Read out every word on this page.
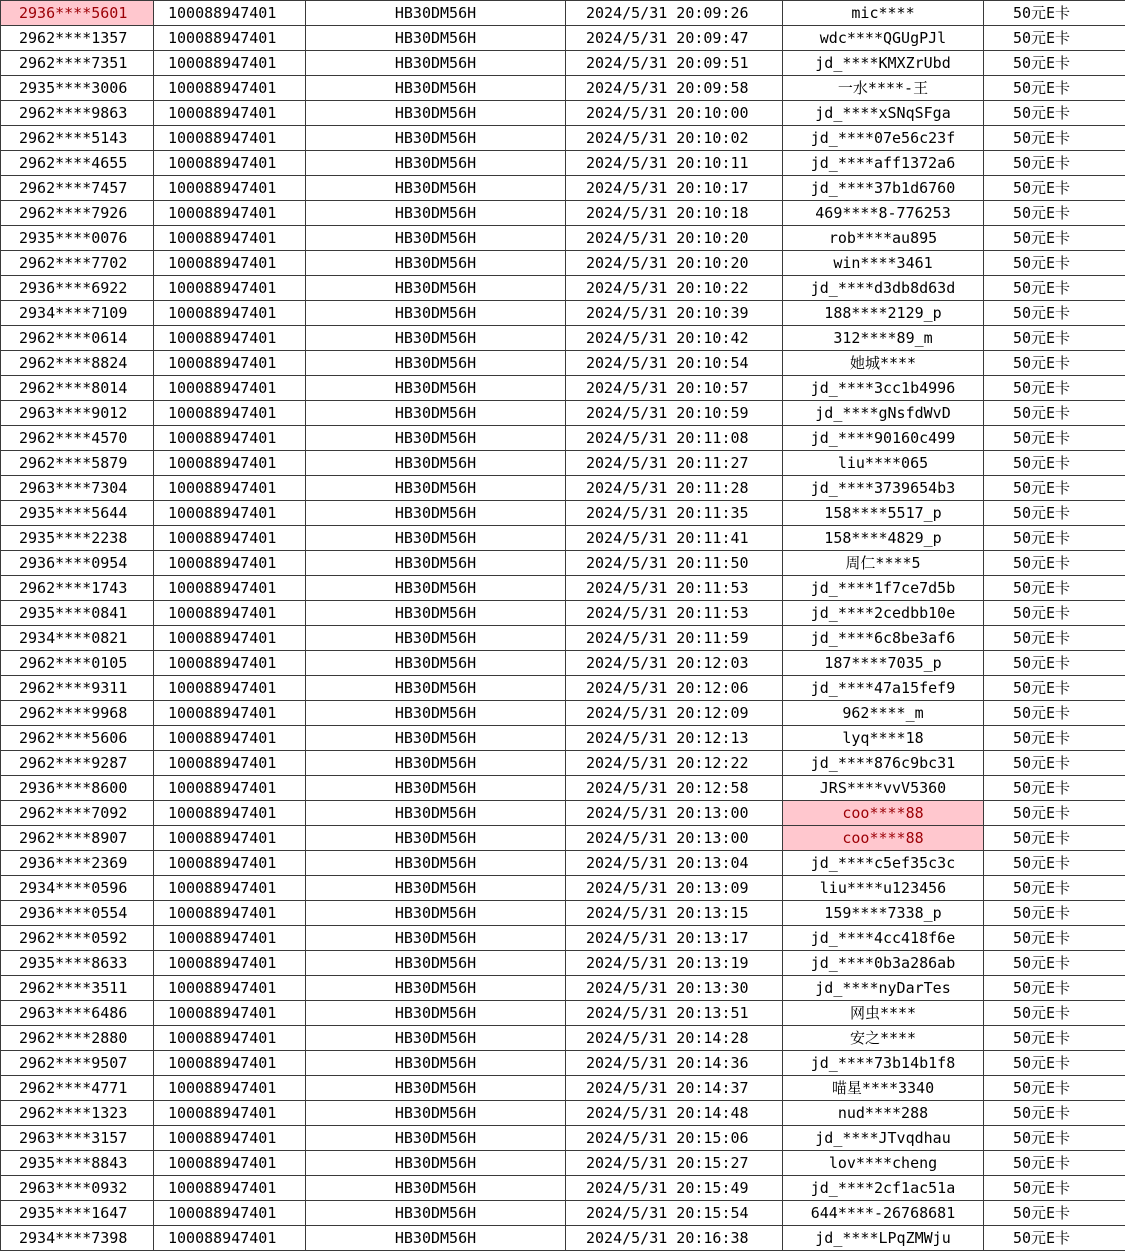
2936****5601	100088947401	HB30DM56H	2024/5/31 20:09:26	mic****	50元E卡
2962****1357	100088947401	HB30DM56H	2024/5/31 20:09:47	wdc****QGUgPJl	50元E卡
2962****7351	100088947401	HB30DM56H	2024/5/31 20:09:51	jd_****KMXZrUbd	50元E卡
2935****3006	100088947401	HB30DM56H	2024/5/31 20:09:58	一水****-王	50元E卡
2962****9863	100088947401	HB30DM56H	2024/5/31 20:10:00	jd_****xSNqSFga	50元E卡
2962****5143	100088947401	HB30DM56H	2024/5/31 20:10:02	jd_****07e56c23f	50元E卡
2962****4655	100088947401	HB30DM56H	2024/5/31 20:10:11	jd_****aff1372a6	50元E卡
2962****7457	100088947401	HB30DM56H	2024/5/31 20:10:17	jd_****37b1d6760	50元E卡
2962****7926	100088947401	HB30DM56H	2024/5/31 20:10:18	469****8-776253	50元E卡
2935****0076	100088947401	HB30DM56H	2024/5/31 20:10:20	rob****au895	50元E卡
2962****7702	100088947401	HB30DM56H	2024/5/31 20:10:20	win****3461	50元E卡
2936****6922	100088947401	HB30DM56H	2024/5/31 20:10:22	jd_****d3db8d63d	50元E卡
2934****7109	100088947401	HB30DM56H	2024/5/31 20:10:39	188****2129_p	50元E卡
2962****0614	100088947401	HB30DM56H	2024/5/31 20:10:42	312****89_m	50元E卡
2962****8824	100088947401	HB30DM56H	2024/5/31 20:10:54	她城****	50元E卡
2962****8014	100088947401	HB30DM56H	2024/5/31 20:10:57	jd_****3cc1b4996	50元E卡
2963****9012	100088947401	HB30DM56H	2024/5/31 20:10:59	jd_****gNsfdWvD	50元E卡
2962****4570	100088947401	HB30DM56H	2024/5/31 20:11:08	jd_****90160c499	50元E卡
2962****5879	100088947401	HB30DM56H	2024/5/31 20:11:27	liu****065	50元E卡
2963****7304	100088947401	HB30DM56H	2024/5/31 20:11:28	jd_****3739654b3	50元E卡
2935****5644	100088947401	HB30DM56H	2024/5/31 20:11:35	158****5517_p	50元E卡
2935****2238	100088947401	HB30DM56H	2024/5/31 20:11:41	158****4829_p	50元E卡
2936****0954	100088947401	HB30DM56H	2024/5/31 20:11:50	周仁****5	50元E卡
2962****1743	100088947401	HB30DM56H	2024/5/31 20:11:53	jd_****1f7ce7d5b	50元E卡
2935****0841	100088947401	HB30DM56H	2024/5/31 20:11:53	jd_****2cedbb10e	50元E卡
2934****0821	100088947401	HB30DM56H	2024/5/31 20:11:59	jd_****6c8be3af6	50元E卡
2962****0105	100088947401	HB30DM56H	2024/5/31 20:12:03	187****7035_p	50元E卡
2962****9311	100088947401	HB30DM56H	2024/5/31 20:12:06	jd_****47a15fef9	50元E卡
2962****9968	100088947401	HB30DM56H	2024/5/31 20:12:09	962****_m	50元E卡
2962****5606	100088947401	HB30DM56H	2024/5/31 20:12:13	lyq****18	50元E卡
2962****9287	100088947401	HB30DM56H	2024/5/31 20:12:22	jd_****876c9bc31	50元E卡
2936****8600	100088947401	HB30DM56H	2024/5/31 20:12:58	JRS****vvV5360	50元E卡
2962****7092	100088947401	HB30DM56H	2024/5/31 20:13:00	coo****88	50元E卡
2962****8907	100088947401	HB30DM56H	2024/5/31 20:13:00	coo****88	50元E卡
2936****2369	100088947401	HB30DM56H	2024/5/31 20:13:04	jd_****c5ef35c3c	50元E卡
2934****0596	100088947401	HB30DM56H	2024/5/31 20:13:09	liu****u123456	50元E卡
2936****0554	100088947401	HB30DM56H	2024/5/31 20:13:15	159****7338_p	50元E卡
2962****0592	100088947401	HB30DM56H	2024/5/31 20:13:17	jd_****4cc418f6e	50元E卡
2935****8633	100088947401	HB30DM56H	2024/5/31 20:13:19	jd_****0b3a286ab	50元E卡
2962****3511	100088947401	HB30DM56H	2024/5/31 20:13:30	jd_****nyDarTes	50元E卡
2963****6486	100088947401	HB30DM56H	2024/5/31 20:13:51	网虫****	50元E卡
2962****2880	100088947401	HB30DM56H	2024/5/31 20:14:28	安之****	50元E卡
2962****9507	100088947401	HB30DM56H	2024/5/31 20:14:36	jd_****73b14b1f8	50元E卡
2962****4771	100088947401	HB30DM56H	2024/5/31 20:14:37	喵星****3340	50元E卡
2962****1323	100088947401	HB30DM56H	2024/5/31 20:14:48	nud****288	50元E卡
2963****3157	100088947401	HB30DM56H	2024/5/31 20:15:06	jd_****JTvqdhau	50元E卡
2935****8843	100088947401	HB30DM56H	2024/5/31 20:15:27	lov****cheng	50元E卡
2963****0932	100088947401	HB30DM56H	2024/5/31 20:15:49	jd_****2cf1ac51a	50元E卡
2935****1647	100088947401	HB30DM56H	2024/5/31 20:15:54	644****-26768681	50元E卡
2934****7398	100088947401	HB30DM56H	2024/5/31 20:16:38	jd_****LPqZMWju	50元E卡
